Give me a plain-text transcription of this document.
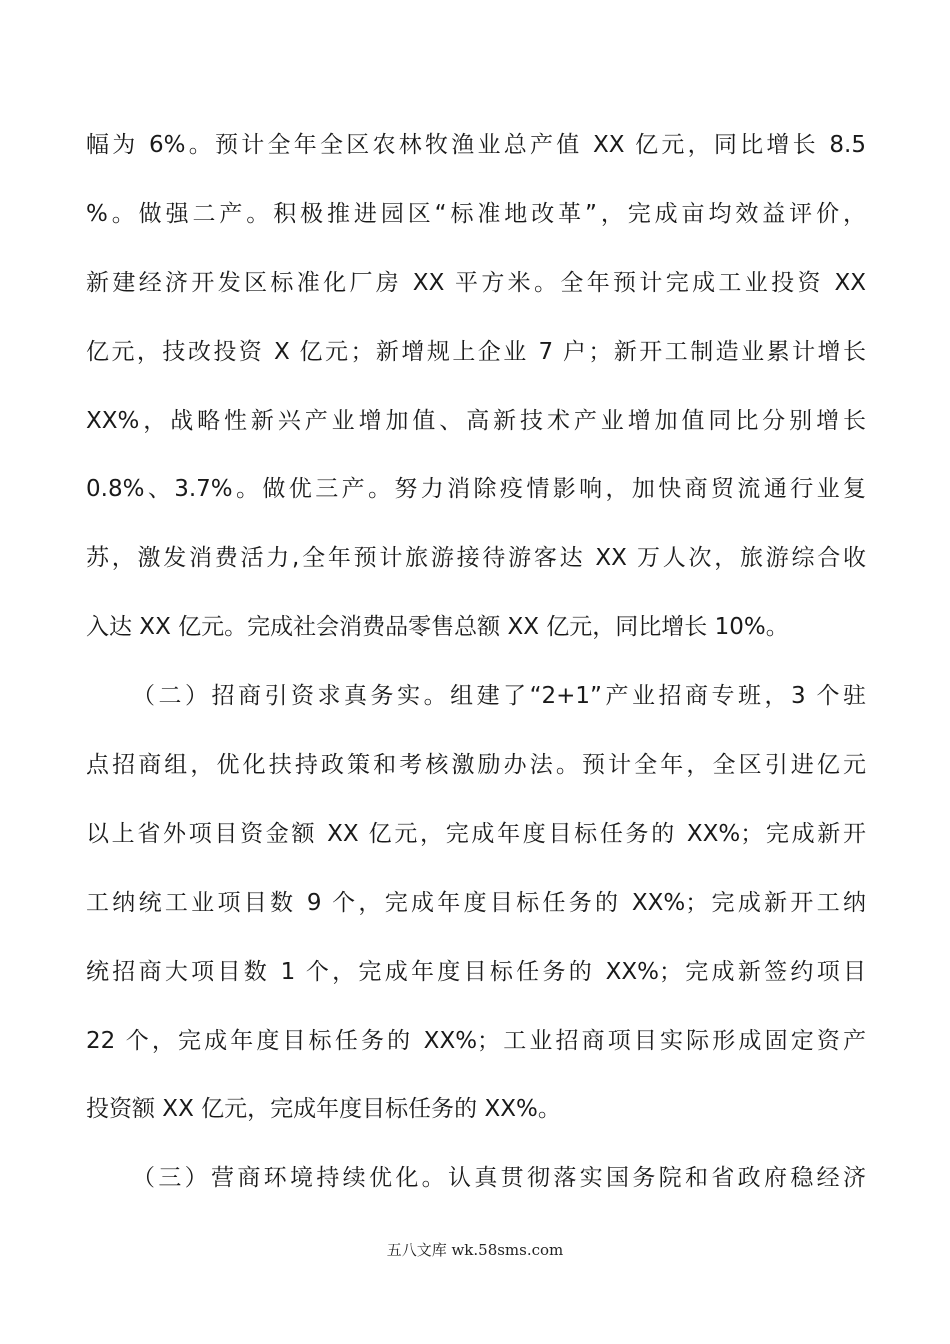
幅为 6%。预计全年全区农林牧渔业总产值 XX 亿元，同比增长 8.5
%。做强二产。积极推进园区“标准地改革”，完成亩均效益评价，
新建经济开发区标准化厂房 XX 平方米。全年预计完成工业投资 XX
亿元，技改投资 X 亿元；新增规上企业 7 户；新开工制造业累计增长
XX%，战略性新兴产业增加值、高新技术产业增加值同比分别增长
0.8%、3.7%。做优三产。努力消除疫情影响，加快商贸流通行业复
苏，激发消费活力,全年预计旅游接待游客达 XX 万人次，旅游综合收
入达 XX 亿元。完成社会消费品零售总额 XX 亿元，同比增长 10%。
（二）招商引资求真务实。组建了“2+1”产业招商专班，3 个驻
点招商组，优化扶持政策和考核激励办法。预计全年，全区引进亿元
以上省外项目资金额 XX 亿元，完成年度目标任务的 XX%；完成新开
工纳统工业项目数 9 个，完成年度目标任务的 XX%；完成新开工纳
统招商大项目数 1 个，完成年度目标任务的 XX%；完成新签约项目
22 个，完成年度目标任务的 XX%；工业招商项目实际形成固定资产
投资额 XX 亿元，完成年度目标任务的 XX%。
（三）营商环境持续优化。认真贯彻落实国务院和省政府稳经济
五八文库 wk.58sms.com
